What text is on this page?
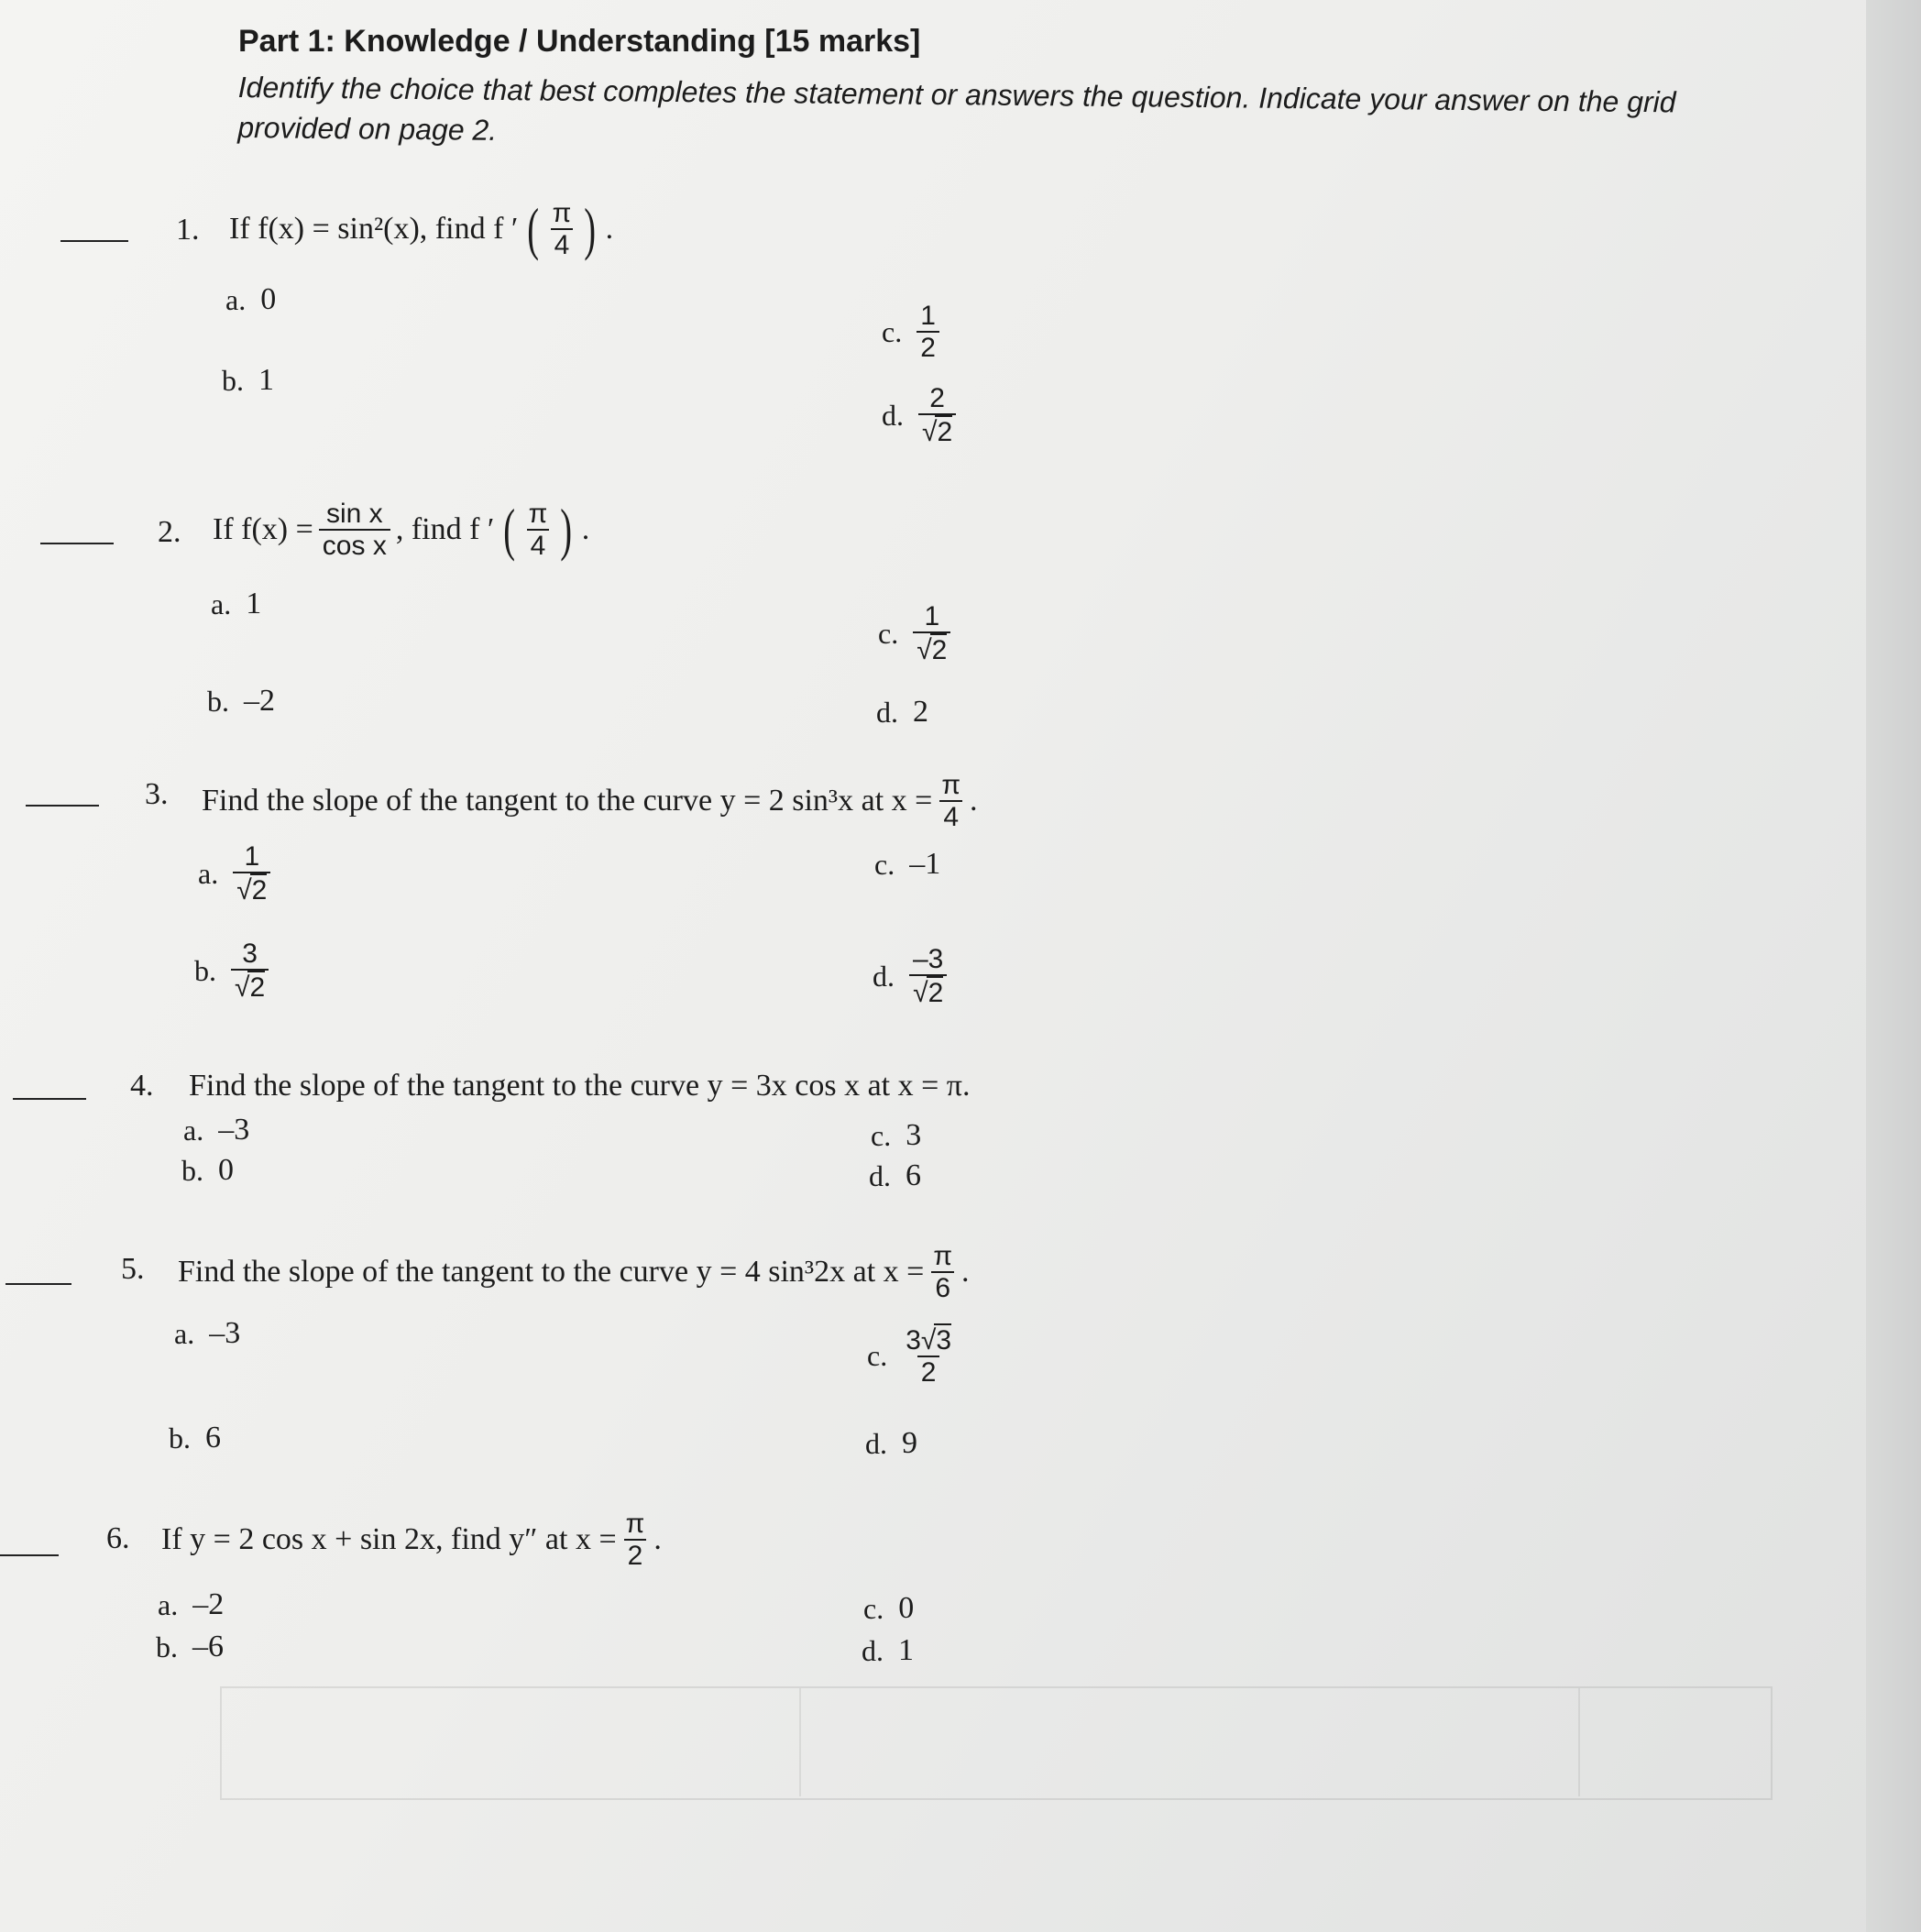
Part 1: Knowledge / Understanding [15 marks]

Identify the choice that best completes the statement or answers the question. Indicate your answer on the grid provided on page 2.

1. If f(x) = sin²(x), find f ′ ( $\frac{\pi}{4}$ ) .
a. 0
b. 1
c. $\frac{1}{2}$
d. $\frac{2}{√2}$
2. If $f(x) = \frac{\text{sin x}}{\text{cos x}}$ , find f ′ ( $\frac{\pi}{4}$ ) .
a. 1
b. –2
c. $\frac{1}{√2}$
d. 2
3. Find the slope of the tangent to the curve y = 2 sin³x at $x = \frac{\pi}{4}$ .
a. $\frac{1}{√2}$
b. $\frac{3}{√2}$
c. –1
d. $\frac{-3}{√2}$
4. Find the slope of the tangent to the curve y = 3x cos x at x = π.
a. –3
b. 0
c. 3
d. 6
5. Find the slope of the tangent to the curve y = 4 sin³2x at $x = \frac{\pi}{6}$ .
a. –3
b. 6
c. $\frac{3√3}{2}$
d. 9
6. If y = 2 cos x + sin 2x, find y″ at $x = \frac{\pi}{2}$ .
a. –2
b. –6
c. 0
d. 1
